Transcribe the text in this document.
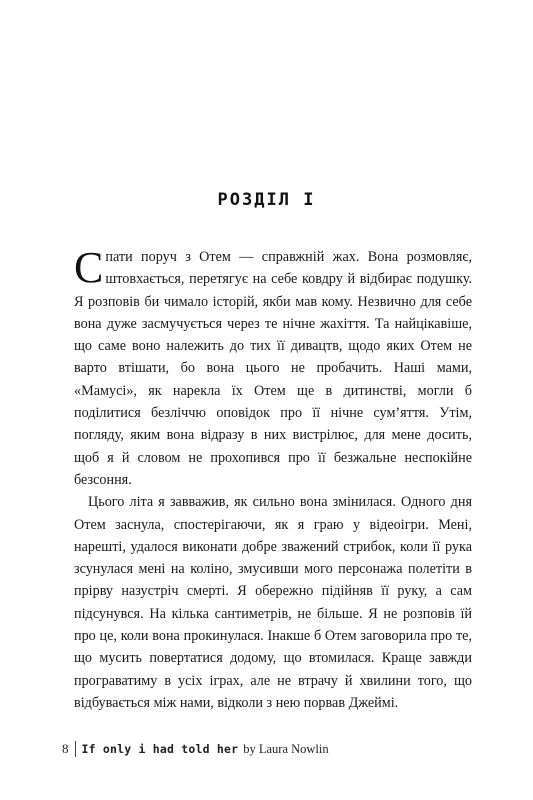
РОЗДІЛ I

Спати поруч з Отем — справжній жах. Вона розмовляє, штовхається, перетягує на себе ковдру й відбирає подушку. Я розповів би чимало історій, якби мав кому. Незвично для себе вона дуже засмучується через те нічне жахіття. Та найцікавіше, що саме воно належить до тих її дивацтв, щодо яких Отем не варто втішати, бо вона цього не пробачить. Наші мами, «Мамусі», як нарекла їх Отем ще в дитинстві, могли б поділитися безліччю оповідок про її нічне сум’яття. Утім, погляду, яким вона відразу в них вистрілює, для мене досить, щоб я й словом не прохопився про її безжальне неспокійне безсоння.

Цього літа я завважив, як сильно вона змінилася. Одного дня Отем заснула, спостерігаючи, як я граю у відеоігри. Мені, нарешті, удалося виконати добре зважений стрибок, коли її рука зсунулася мені на коліно, змусивши мого персонажа полетіти в прірву назустріч смерті. Я обережно підійняв її руку, а сам підсунувся. На кілька сантиметрів, не більше. Я не розповів їй про це, коли вона прокинулася. Інакше б Отем заговорила про те, що мусить повертатися додому, що втомилася. Краще завжди програватиму в усіх іграх, але не втрачу й хвилини того, що відбувається між нами, відколи з нею порвав Джеймі.

8 If only i had told her by Laura Nowlin
